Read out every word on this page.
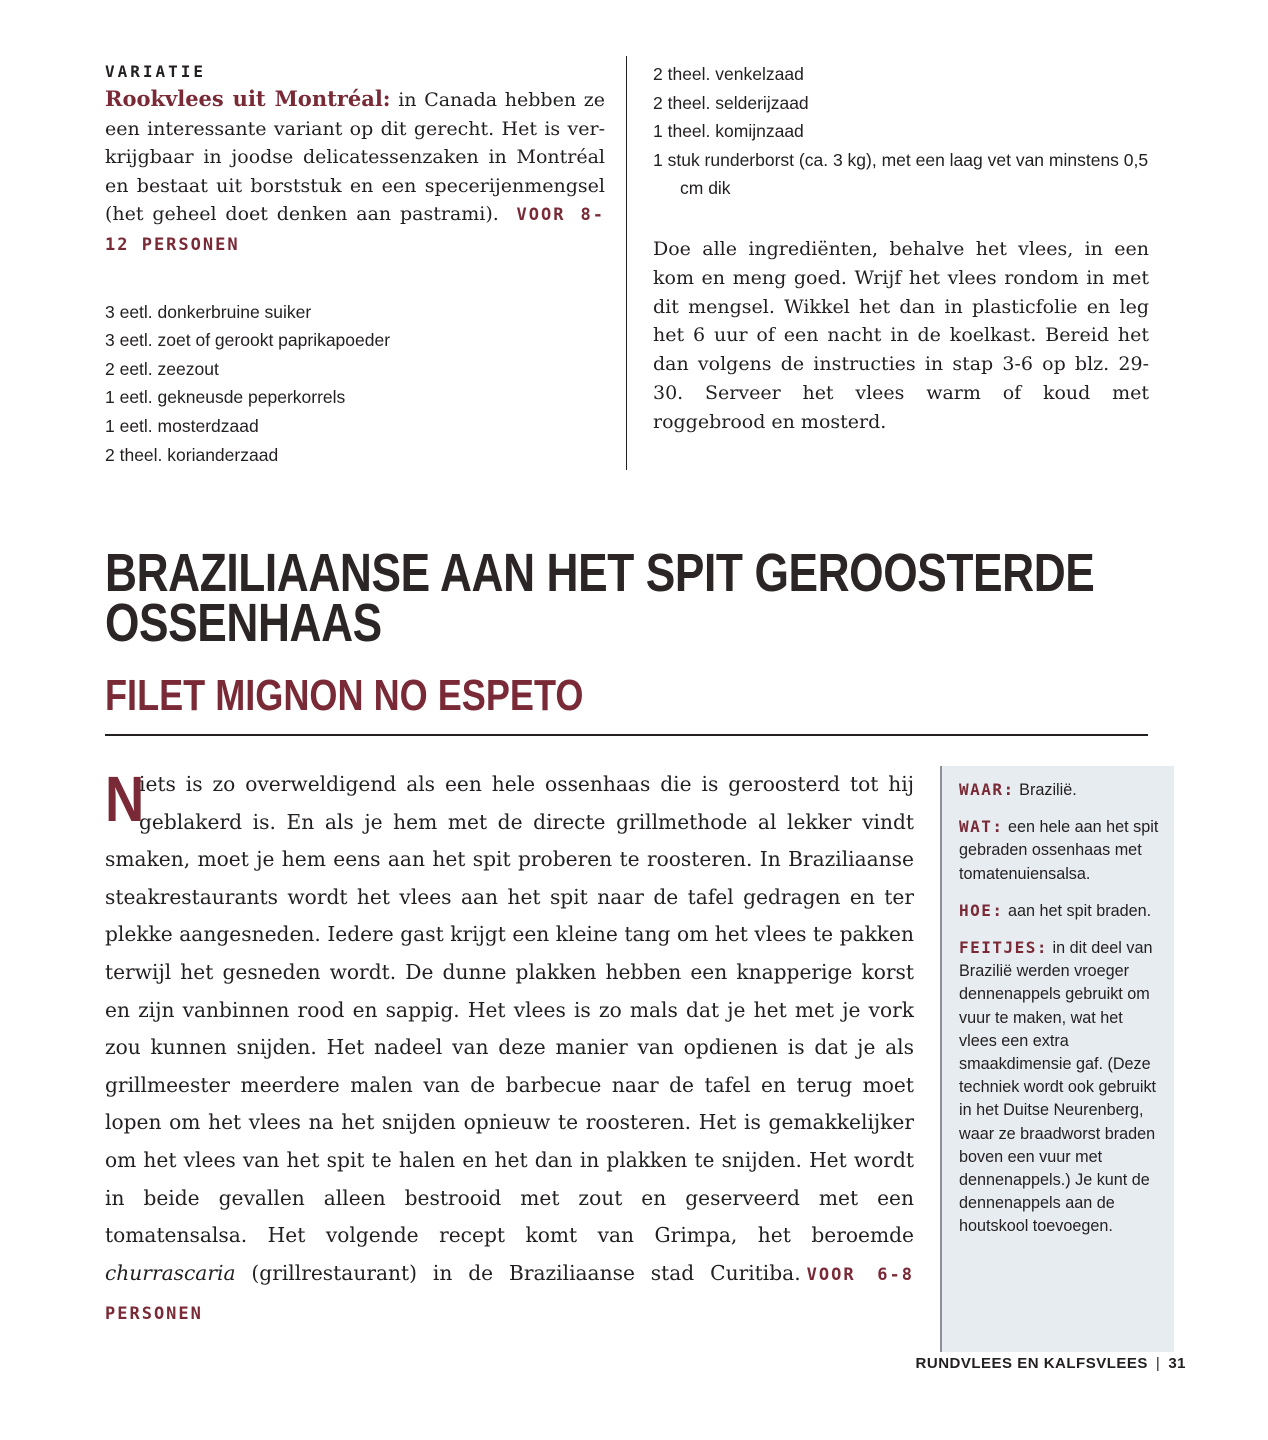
VARIATIE

Rookvlees uit Montréal: in Canada hebben ze een interessante variant op dit gerecht. Het is verkrijgbaar in joodse delicatessenzaken in Montréal en bestaat uit borststuk en een specerijenmengsel (het geheel doet denken aan pastrami). VOOR 8-12 PERSONEN

3 eetl. donkerbruine suiker
3 eetl. zoet of gerookt paprikapoeder
2 eetl. zeezout
1 eetl. gekneusde peperkorrels
1 eetl. mosterdzaad
2 theel. korianderzaad
2 theel. venkelzaad
2 theel. selderijzaad
1 theel. komijnzaad
1 stuk runderborst (ca. 3 kg), met een laag vet van minstens 0,5 cm dik

Doe alle ingrediënten, behalve het vlees, in een kom en meng goed. Wrijf het vlees rondom in met dit mengsel. Wikkel het dan in plasticfolie en leg het 6 uur of een nacht in de koelkast. Bereid het dan volgens de instructies in stap 3-6 op blz. 29-30. Serveer het vlees warm of koud met roggebrood en mosterd.

BRAZILIAANSE AAN HET SPIT GEROOSTERDE OSSENHAAS
FILET MIGNON NO ESPETO

N
iets is zo overweldigend als een hele ossenhaas die is geroosterd tot hij geblakerd is. En als je hem met de directe grillmethode al lekker vindt smaken, moet je hem eens aan het spit proberen te roosteren. In Braziliaanse steakrestaurants wordt het vlees aan het spit naar de tafel gedragen en ter plekke aangesneden. Iedere gast krijgt een kleine tang om het vlees te pakken terwijl het gesneden wordt. De dunne plakken hebben een knapperige korst en zijn vanbinnen rood en sappig. Het vlees is zo mals dat je het met je vork zou kunnen snijden. Het nadeel van deze manier van opdienen is dat je als grillmeester meerdere malen van de barbecue naar de tafel en terug moet lopen om het vlees na het snijden opnieuw te roosteren. Het is gemakkelijker om het vlees van het spit te halen en het dan in plakken te snijden. Het wordt in beide gevallen alleen bestrooid met zout en geserveerd met een tomatensalsa. Het volgende recept komt van Grimpa, het beroemde churrascaria (grillrestaurant) in de Braziliaanse stad Curitiba. VOOR 6-8 PERSONEN

WAAR: Brazilië.

WAT: een hele aan het spit gebraden ossenhaas met tomatenuiensalsa.

HOE: aan het spit braden.

FEITJES: in dit deel van Brazilië werden vroeger dennenappels gebruikt om vuur te maken, wat het vlees een extra smaakdimensie gaf. (Deze techniek wordt ook gebruikt in het Duitse Neurenberg, waar ze braadworst braden boven een vuur met dennenappels.) Je kunt de dennenappels aan de houtskool toevoegen.

RUNDVLEES EN KALFSVLEES | 31
